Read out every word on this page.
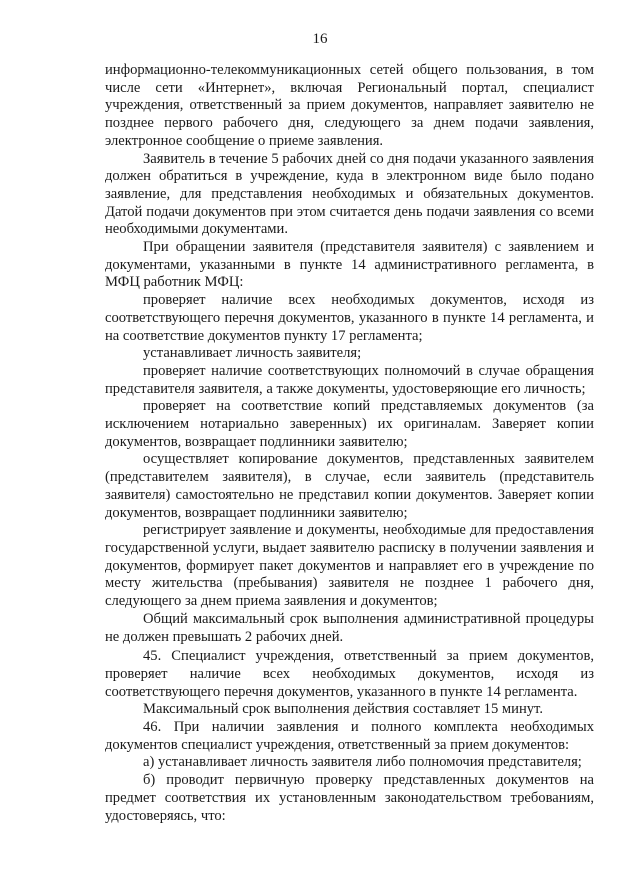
16

информационно-телекоммуникационных сетей общего пользования, в том числе сети «Интернет», включая Региональный портал, специалист учреждения, ответственный за прием документов, направляет заявителю не позднее первого рабочего дня, следующего за днем подачи заявления, электронное сообщение о приеме заявления.

Заявитель в течение 5 рабочих дней со дня подачи указанного заявления должен обратиться в учреждение, куда в электронном виде было подано заявление, для представления необходимых и обязательных документов. Датой подачи документов при этом считается день подачи заявления со всеми необходимыми документами.

При обращении заявителя (представителя заявителя) с заявлением и документами, указанными в пункте 14 административного регламента, в МФЦ работник МФЦ:

проверяет наличие всех необходимых документов, исходя из соответствующего перечня документов, указанного в пункте 14 регламента, и на соответствие документов пункту 17 регламента;

устанавливает личность заявителя;

проверяет наличие соответствующих полномочий в случае обращения представителя заявителя, а также документы, удостоверяющие его личность;

проверяет на соответствие копий представляемых документов (за исключением нотариально заверенных) их оригиналам. Заверяет копии документов, возвращает подлинники заявителю;

осуществляет копирование документов, представленных заявителем (представителем заявителя), в случае, если заявитель (представитель заявителя) самостоятельно не представил копии документов. Заверяет копии документов, возвращает подлинники заявителю;

регистрирует заявление и документы, необходимые для предоставления государственной услуги, выдает заявителю расписку в получении заявления и документов, формирует пакет документов и направляет его в учреждение по месту жительства (пребывания) заявителя не позднее 1 рабочего дня, следующего за днем приема заявления и документов;

Общий максимальный срок выполнения административной процедуры не должен превышать 2 рабочих дней.

45. Специалист учреждения, ответственный за прием документов, проверяет наличие всех необходимых документов, исходя из соответствующего перечня документов, указанного в пункте 14 регламента.

Максимальный срок выполнения действия составляет 15 минут.

46. При наличии заявления и полного комплекта необходимых документов специалист учреждения, ответственный за прием документов:

а) устанавливает личность заявителя либо полномочия представителя;

б) проводит первичную проверку представленных документов на предмет соответствия их установленным законодательством требованиям, удостоверяясь, что:
